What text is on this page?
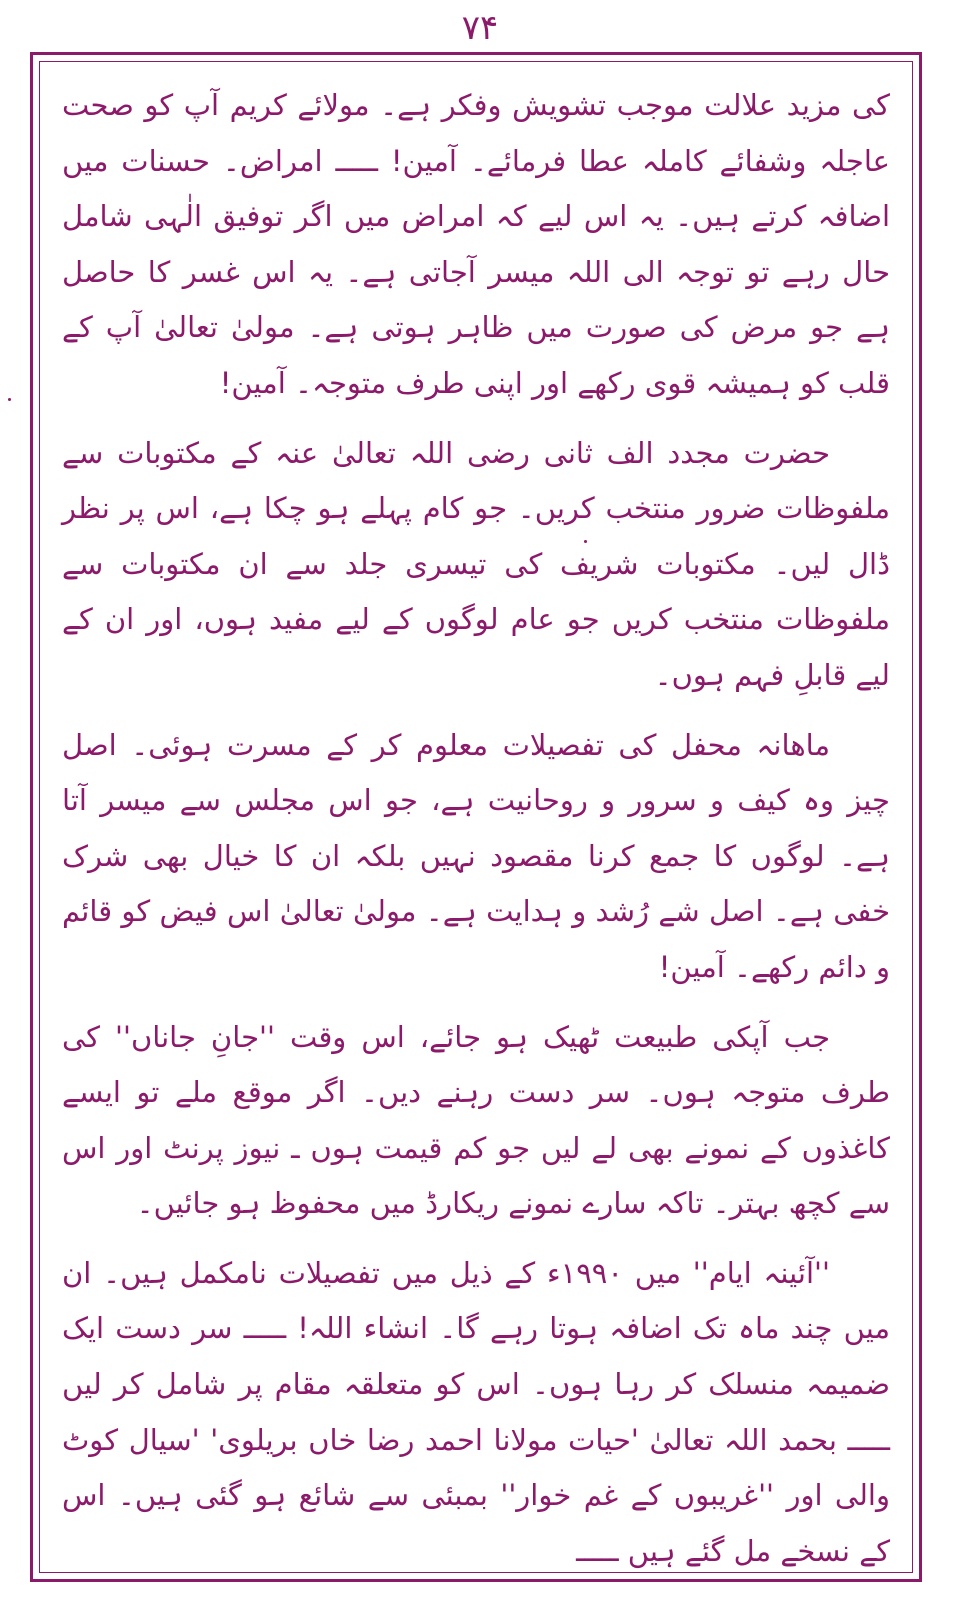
۷۴

کی مزید علالت موجب تشویش وفکر ہے۔ مولائے کریم آپ کو صحت عاجلہ وشفائے کاملہ عطا فرمائے۔ آمین! ـــــ امراض۔ حسنات میں اضافہ کرتے ہیں۔ یہ اس لیے کہ امراض میں اگر توفیق الٰہی شامل حال رہے تو توجہ الی اللہ میسر آجاتی ہے۔ یہ اس غسر کا حاصل ہے جو مرض کی صورت میں ظاہر ہوتی ہے۔ مولیٰ تعالیٰ آپ کے قلب کو ہمیشہ قوی رکھے اور اپنی طرف متوجہ۔ آمین!

حضرت مجدد الف ثانی رضی اللہ تعالیٰ عنہ کے مکتوبات سے ملفوظات ضرور منتخب کریں۔ جو کام پہلے ہو چکا ہے، اس پر نظر ڈال لیں۔ مکتوبات شریف کی تیسری جلد سے ان مکتوبات سے ملفوظات منتخب کریں جو عام لوگوں کے لیے مفید ہوں، اور ان کے لیے قابلِ فہم ہوں۔

ماھانہ محفل کی تفصیلات معلوم کر کے مسرت ہوئی۔ اصل چیز وہ کیف و سرور و روحانیت ہے، جو اس مجلس سے میسر آتا ہے۔ لوگوں کا جمع کرنا مقصود نہیں بلکہ ان کا خیال بھی شرک خفی ہے۔ اصل شے رُشد و ہدایت ہے۔ مولیٰ تعالیٰ اس فیض کو قائم و دائم رکھے۔ آمین!

جب آپکی طبیعت ٹھیک ہو جائے، اس وقت ''جانِ جاناں'' کی طرف متوجہ ہوں۔ سر دست رہنے دیں۔ اگر موقع ملے تو ایسے کاغذوں کے نمونے بھی لے لیں جو کم قیمت ہوں ـ نیوز پرنٹ اور اس سے کچھ بہتر۔ تاکہ سارے نمونے ریکارڈ میں محفوظ ہو جائیں۔

''آئینہ ایام'' میں ۱۹۹۰ء کے ذیل میں تفصیلات نامکمل ہیں۔ ان میں چند ماہ تک اضافہ ہوتا رہے گا۔ انشاء اللہ! ـــــ سر دست ایک ضمیمہ منسلک کر رہا ہوں۔ اس کو متعلقہ مقام پر شامل کر لیں ـــــ بحمد اللہ تعالیٰ 'حیات مولانا احمد رضا خاں بریلوی' 'سیال کوٹ والی اور ''غریبوں کے غم خوار'' بمبئی سے شائع ہو گئی ہیں۔ اس کے نسخے مل گئے ہیں ـــــ
